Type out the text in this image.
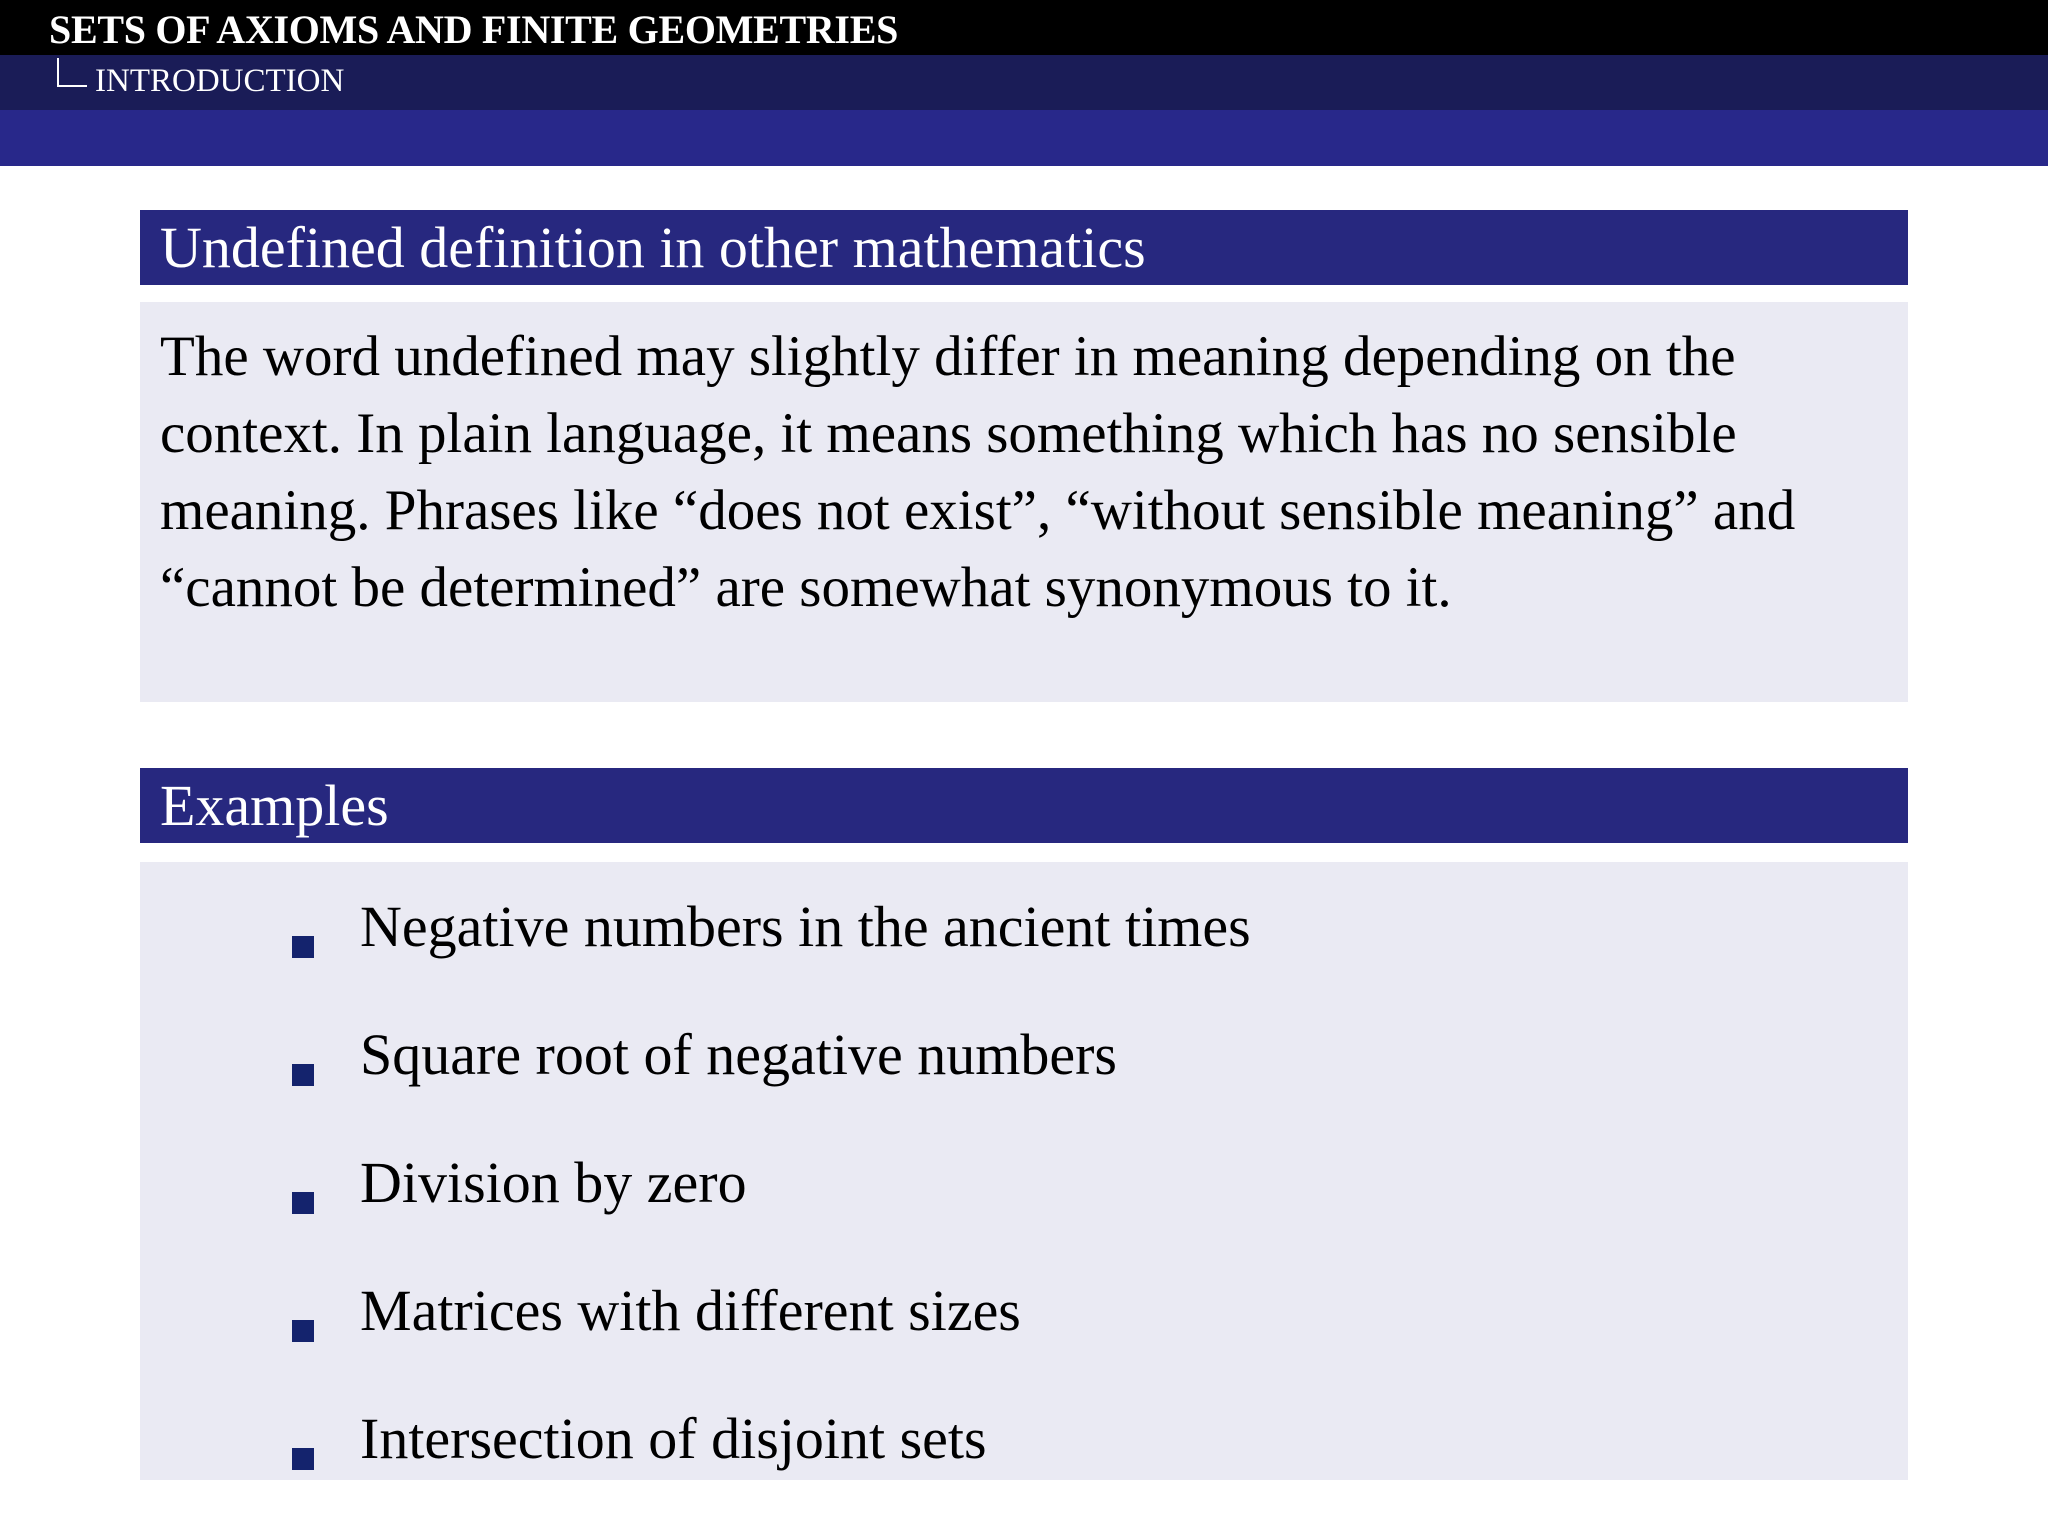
SETS OF AXIOMS AND FINITE GEOMETRIES
INTRODUCTION
Undefined definition in other mathematics

The word undefined may slightly differ in meaning depending on the context. In plain language, it means something which has no sensible meaning. Phrases like “does not exist”, “without sensible meaning” and “cannot be determined” are somewhat synonymous to it.

Examples
Negative numbers in the ancient times
Square root of negative numbers
Division by zero
Matrices with different sizes
Intersection of disjoint sets
